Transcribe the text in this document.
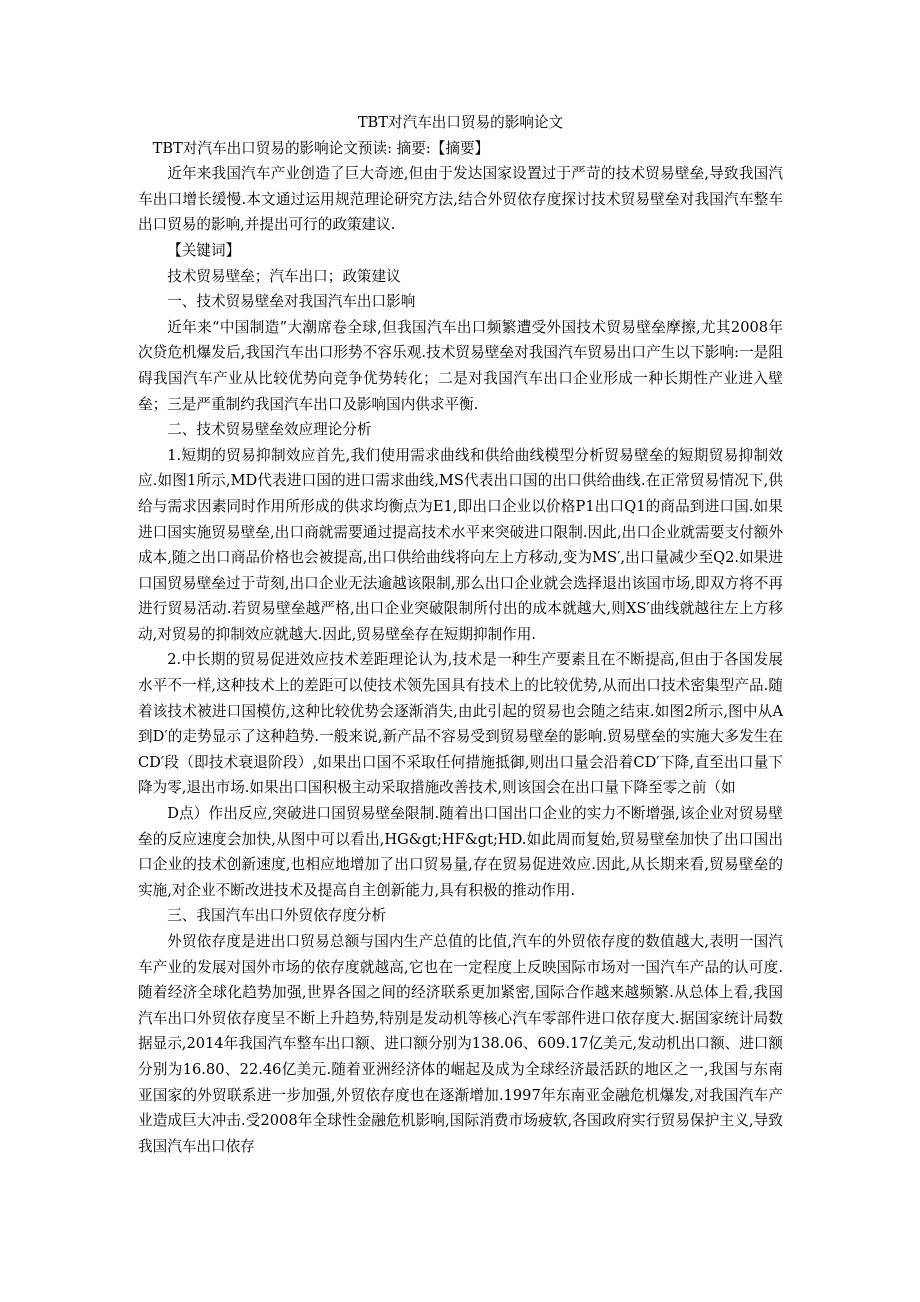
TBT对汽车出口贸易的影响论文
TBT对汽车出口贸易的影响论文预读: 摘要:【摘要】
近年来我国汽车产业创造了巨大奇迹,但由于发达国家设置过于严苛的技术贸易壁垒,导致我国汽车出口增长缓慢.本文通过运用规范理论研究方法,结合外贸依存度探讨技术贸易壁垒对我国汽车整车出口贸易的影响,并提出可行的政策建议.
【关键词】
技术贸易壁垒；汽车出口；政策建议
一、技术贸易壁垒对我国汽车出口影响
近年来“中国制造”大潮席卷全球,但我国汽车出口频繁遭受外国技术贸易壁垒摩擦,尤其2008年次贷危机爆发后,我国汽车出口形势不容乐观.技术贸易壁垒对我国汽车贸易出口产生以下影响:一是阻碍我国汽车产业从比较优势向竞争优势转化；二是对我国汽车出口企业形成一种长期性产业进入壁垒；三是严重制约我国汽车出口及影响国内供求平衡.
二、技术贸易壁垒效应理论分析
1.短期的贸易抑制效应首先,我们使用需求曲线和供给曲线模型分析贸易壁垒的短期贸易抑制效应.如图1所示,MD代表进口国的进口需求曲线,MS代表出口国的出口供给曲线.在正常贸易情况下,供给与需求因素同时作用所形成的供求均衡点为E1,即出口企业以价格P1出口Q1的商品到进口国.如果进口国实施贸易壁垒,出口商就需要通过提高技术水平来突破进口限制.因此,出口企业就需要支付额外成本,随之出口商品价格也会被提高,出口供给曲线将向左上方移动,变为MS′,出口量减少至Q2.如果进口国贸易壁垒过于苛刻,出口企业无法逾越该限制,那么出口企业就会选择退出该国市场,即双方将不再进行贸易活动.若贸易壁垒越严格,出口企业突破限制所付出的成本就越大,则XS′曲线就越往左上方移动,对贸易的抑制效应就越大.因此,贸易壁垒存在短期抑制作用.
2.中长期的贸易促进效应技术差距理论认为,技术是一种生产要素且在不断提高,但由于各国发展水平不一样,这种技术上的差距可以使技术领先国具有技术上的比较优势,从而出口技术密集型产品.随着该技术被进口国模仿,这种比较优势会逐渐消失,由此引起的贸易也会随之结束.如图2所示,图中从A到D′的走势显示了这种趋势.一般来说,新产品不容易受到贸易壁垒的影响.贸易壁垒的实施大多发生在CD′段（即技术衰退阶段）,如果出口国不采取任何措施抵御,则出口量会沿着CD′下降,直至出口量下降为零,退出市场.如果出口国积极主动采取措施改善技术,则该国会在出口量下降至零之前（如
D点）作出反应,突破进口国贸易壁垒限制.随着出口国出口企业的实力不断增强,该企业对贸易壁垒的反应速度会加快,从图中可以看出,HG&gt;HF&gt;HD.如此周而复始,贸易壁垒加快了出口国出口企业的技术创新速度,也相应地增加了出口贸易量,存在贸易促进效应.因此,从长期来看,贸易壁垒的实施,对企业不断改进技术及提高自主创新能力,具有积极的推动作用.
三、我国汽车出口外贸依存度分析
外贸依存度是进出口贸易总额与国内生产总值的比值,汽车的外贸依存度的数值越大,表明一国汽车产业的发展对国外市场的依存度就越高,它也在一定程度上反映国际市场对一国汽车产品的认可度.随着经济全球化趋势加强,世界各国之间的经济联系更加紧密,国际合作越来越频繁.从总体上看,我国汽车出口外贸依存度呈不断上升趋势,特别是发动机等核心汽车零部件进口依存度大.据国家统计局数据显示,2014年我国汽车整车出口额、进口额分别为138.06、609.17亿美元,发动机出口额、进口额分别为16.80、22.46亿美元.随着亚洲经济体的崛起及成为全球经济最活跃的地区之一,我国与东南亚国家的外贸联系进一步加强,外贸依存度也在逐渐增加.1997年东南亚金融危机爆发,对我国汽车产业造成巨大冲击.受2008年全球性金融危机影响,国际消费市场疲软,各国政府实行贸易保护主义,导致我国汽车出口依存
